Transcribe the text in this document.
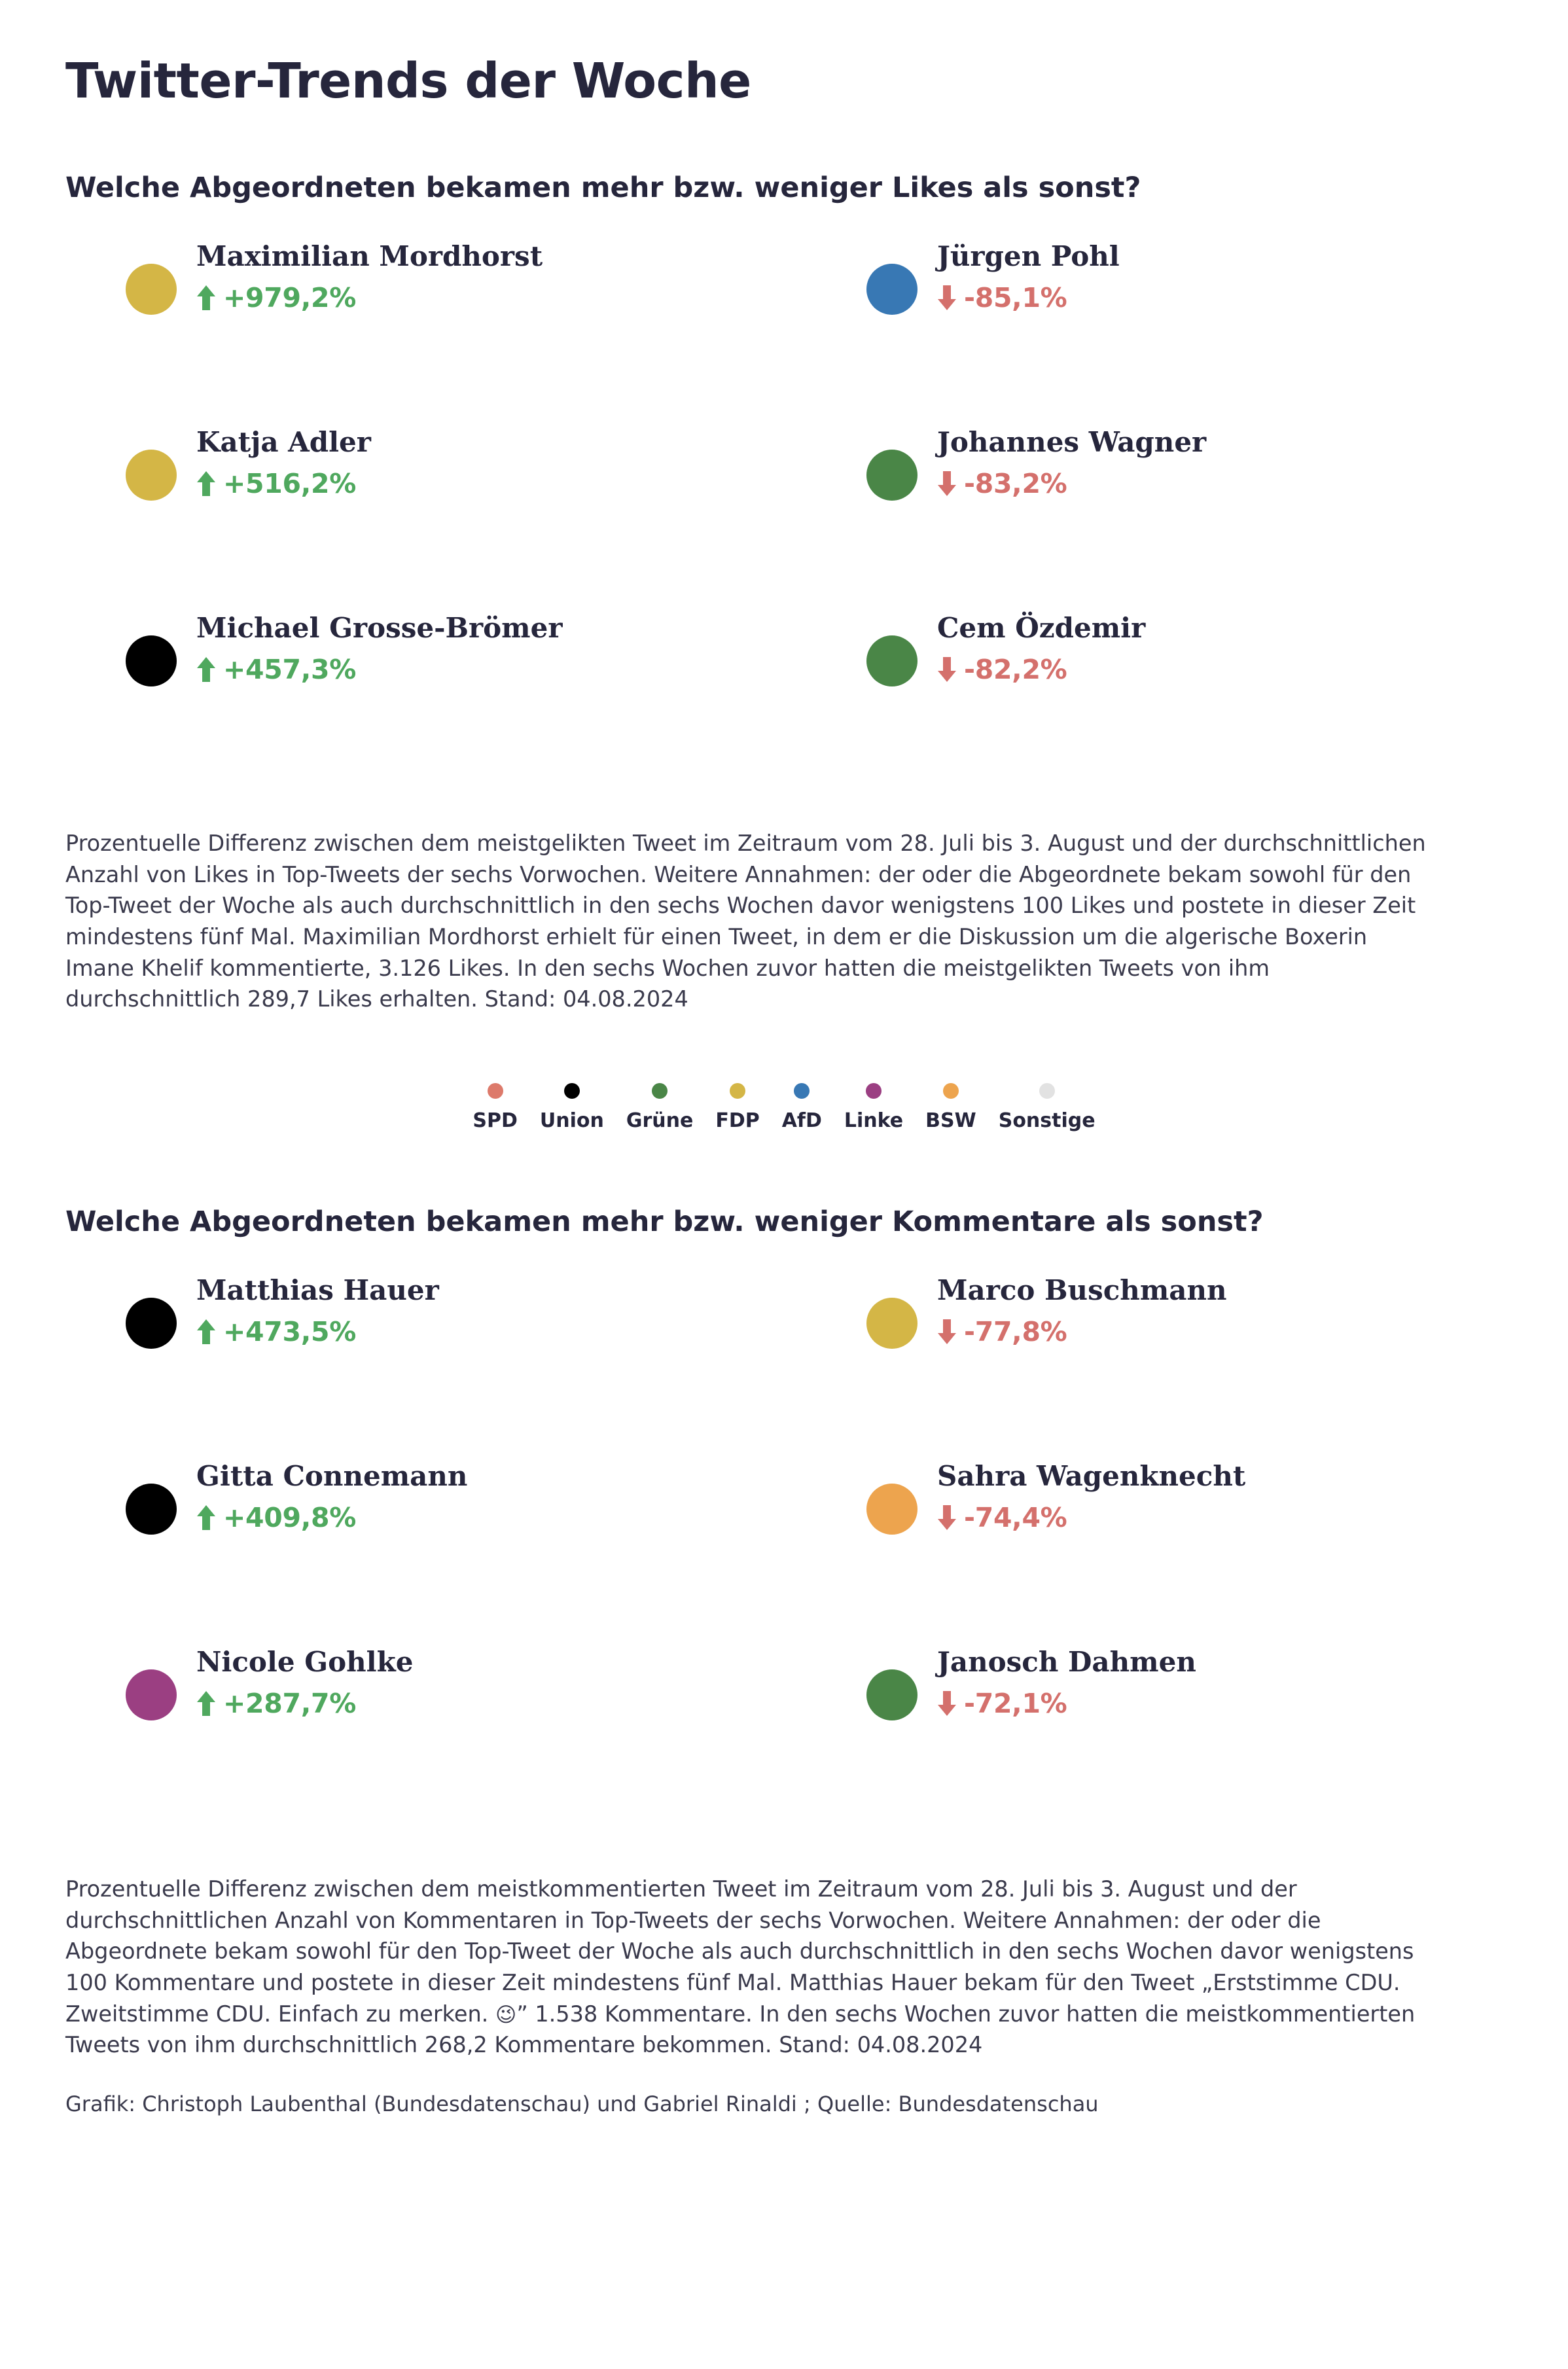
Twitter-Trends der Woche
Welche Abgeordneten bekamen mehr bzw. weniger Likes als sonst?
Maximilian Mordhorst
+979,2%
Jürgen Pohl
-85,1%
Katja Adler
+516,2%
Johannes Wagner
-83,2%
Michael Grosse-Brömer
+457,3%
Cem Özdemir
-82,2%

Prozentuelle Differenz zwischen dem meistgelikten Tweet im Zeitraum vom 28. Juli bis 3. August und der durchschnittlichen Anzahl von Likes in Top-Tweets der sechs Vorwochen. Weitere Annahmen: der oder die Abgeordnete bekam sowohl für den Top-Tweet der Woche als auch durchschnittlich in den sechs Wochen davor wenigstens 100 Likes und postete in dieser Zeit mindestens fünf Mal. Maximilian Mordhorst erhielt für einen Tweet, in dem er die Diskussion um die algerische Boxerin Imane Khelif kommentierte, 3.126 Likes. In den sechs Wochen zuvor hatten die meistgelikten Tweets von ihm durchschnittlich 289,7 Likes erhalten. Stand: 04.08.2024

SPD Union Grüne FDP AfD Linke BSW Sonstige
Welche Abgeordneten bekamen mehr bzw. weniger Kommentare als sonst?
Matthias Hauer
+473,5%
Marco Buschmann
-77,8%
Gitta Connemann
+409,8%
Sahra Wagenknecht
-74,4%
Nicole Gohlke
+287,7%
Janosch Dahmen
-72,1%

Prozentuelle Differenz zwischen dem meistkommentierten Tweet im Zeitraum vom 28. Juli bis 3. August und der durchschnittlichen Anzahl von Kommentaren in Top-Tweets der sechs Vorwochen. Weitere Annahmen: der oder die Abgeordnete bekam sowohl für den Top-Tweet der Woche als auch durchschnittlich in den sechs Wochen davor wenigstens 100 Kommentare und postete in dieser Zeit mindestens fünf Mal. Matthias Hauer bekam für den Tweet „Erststimme CDU. Zweitstimme CDU. Einfach zu merken. 😉” 1.538 Kommentare. In den sechs Wochen zuvor hatten die meistkommentierten Tweets von ihm durchschnittlich 268,2 Kommentare bekommen. Stand: 04.08.2024

Grafik: Christoph Laubenthal (Bundesdatenschau) und Gabriel Rinaldi ; Quelle: Bundesdatenschau
